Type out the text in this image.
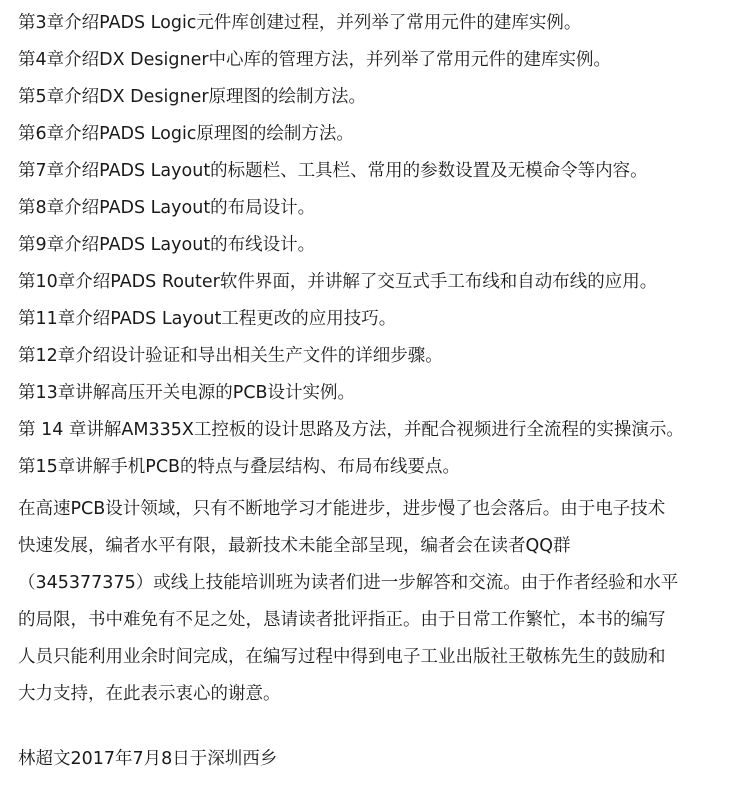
第3章介绍PADS Logic元件库创建过程，并列举了常用元件的建库实例。
第4章介绍DX Designer中心库的管理方法，并列举了常用元件的建库实例。
第5章介绍DX Designer原理图的绘制方法。
第6章介绍PADS Logic原理图的绘制方法。
第7章介绍PADS Layout的标题栏、工具栏、常用的参数设置及无模命令等内容。
第8章介绍PADS Layout的布局设计。
第9章介绍PADS Layout的布线设计。
第10章介绍PADS Router软件界面，并讲解了交互式手工布线和自动布线的应用。
第11章介绍PADS Layout工程更改的应用技巧。
第12章介绍设计验证和导出相关生产文件的详细步骤。
第13章讲解高压开关电源的PCB设计实例。
第 14 章讲解AM335X工控板的设计思路及方法，并配合视频进行全流程的实操演示。
第15章讲解手机PCB的特点与叠层结构、布局布线要点。

在高速PCB设计领域，只有不断地学习才能进步，进步慢了也会落后。由于电子技术
快速发展，编者水平有限，最新技术未能全部呈现，编者会在读者QQ群
（345377375）或线上技能培训班为读者们进一步解答和交流。由于作者经验和水平
的局限，书中难免有不足之处，恳请读者批评指正。由于日常工作繁忙，本书的编写
人员只能利用业余时间完成，在编写过程中得到电子工业出版社王敬栋先生的鼓励和
大力支持，在此表示衷心的谢意。

林超文2017年7月8日于深圳西乡
